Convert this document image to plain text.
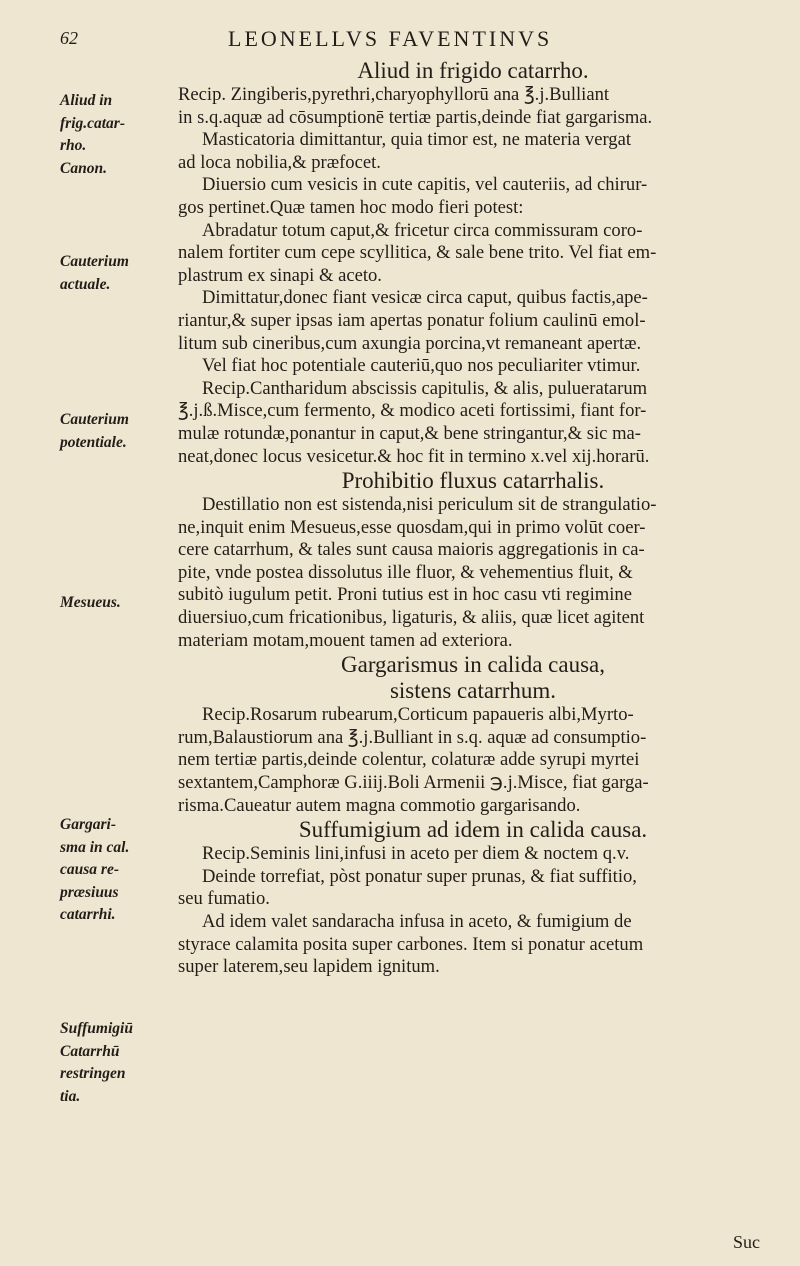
62	LEONELLVS FAVENTINVS
Aliud in
frig.catar-
rho.
Canon.
Cauterium
actuale.
Cauterium
potentiale.
Mesueus.
Gargari-
sma in cal.
causa re-
præsiuus
catarrhi.
Suffumigiū
Catarrhū
restringen
tia.
Aliud in frigido catarrho.
Recip. Zingiberis,pyrethri,charyophyllorū ana ℥.j.Bulliant
in s.q.aquæ ad cōsumptionē tertiæ partis,deinde fiat gargarisma.
Masticatoria dimittantur, quia timor est, ne materia vergat
ad loca nobilia,& præfocet.
Diuersio cum vesicis in cute capitis, vel cauteriis, ad chirur-
gos pertinet.Quæ tamen hoc modo fieri potest:
Abradatur totum caput,& fricetur circa commissuram coro-
nalem fortiter cum cepe scyllitica, & sale bene trito. Vel fiat em-
plastrum ex sinapi & aceto.
Dimittatur,donec fiant vesicæ circa caput, quibus factis,ape-
riantur,& super ipsas iam apertas ponatur folium caulinū emol-
litum sub cineribus,cum axungia porcina,vt remaneant apertæ.
Vel fiat hoc potentiale cauteriū,quo nos peculiariter vtimur.
Recip.Cantharidum abscissis capitulis, & alis, pulueratarum
℥.j.ß.Misce,cum fermento, & modico aceti fortissimi, fiant for-
mulæ rotundæ,ponantur in caput,& bene stringantur,& sic ma-
neat,donec locus vesicetur.& hoc fit in termino x.vel xij.horarū.
Prohibitio fluxus catarrhalis.
Destillatio non est sistenda,nisi periculum sit de strangulatio-
ne,inquit enim Mesueus,esse quosdam,qui in primo volūt coer-
cere catarrhum, & tales sunt causa maioris aggregationis in ca-
pite, vnde postea dissolutus ille fluor, & vehementius fluit, &
subitò iugulum petit. Proni tutius est in hoc casu vti regimine
diuersiuo,cum fricationibus, ligaturis, & aliis, quæ licet agitent
materiam motam,mouent tamen ad exteriora.
Gargarismus in calida causa,
sistens catarrhum.
Recip.Rosarum rubearum,Corticum papaueris albi,Myrto-
rum,Balaustiorum ana ℥.j.Bulliant in s.q. aquæ ad consumptio-
nem tertiæ partis,deinde colentur, colaturæ adde syrupi myrtei
sextantem,Camphoræ G.iiij.Boli Armenii ℈.j.Misce, fiat garga-
risma.Caueatur autem magna commotio gargarisando.
Suffumigium ad idem in calida causa.
Recip.Seminis lini,infusi in aceto per diem & noctem q.v.
Deinde torrefiat, pòst ponatur super prunas, & fiat suffitio,
seu fumatio.
Ad idem valet sandaracha infusa in aceto, & fumigium de
styrace calamita posita super carbones. Item si ponatur acetum
super laterem,seu lapidem ignitum.
Suc
